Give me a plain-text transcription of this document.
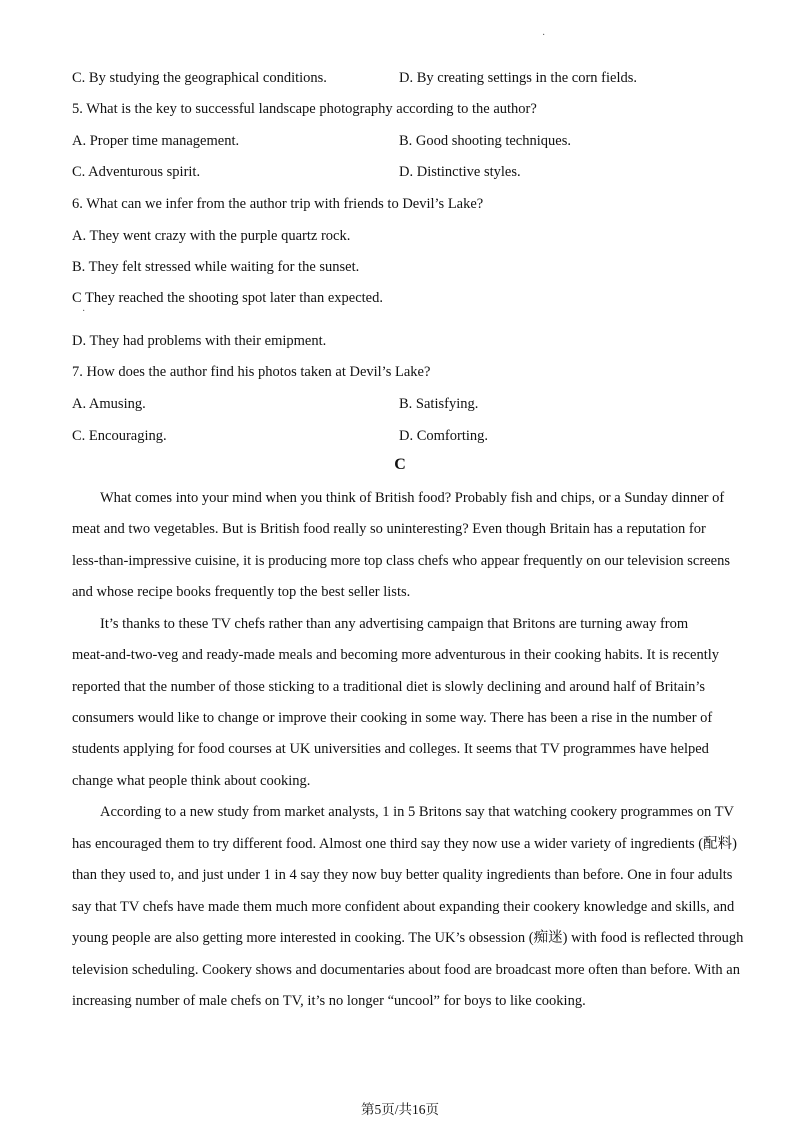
·
C. By studying the geographical conditions.	D. By creating settings in the corn fields.
5. What is the key to successful landscape photography according to the author?
A. Proper time management.	B. Good shooting techniques.
C. Adventurous spirit.	D. Distinctive styles.
6. What can we infer from the author trip with friends to Devil’s Lake?
A. They went crazy with the purple quartz rock.
B. They felt stressed while waiting for the sunset.
C They reached the shooting spot later than expected.
·
D. They had problems with their emipment.
7. How does the author find his photos taken at Devil’s Lake?
A. Amusing.	B. Satisfying.
C. Encouraging.	D. Comforting.
C
What comes into your mind when you think of British food? Probably fish and chips, or a Sunday dinner of
meat and two vegetables. But is British food really so uninteresting? Even though Britain has a reputation for
less-than-impressive cuisine, it is producing more top class chefs who appear frequently on our television screens
and whose recipe books frequently top the best seller lists.
It’s thanks to these TV chefs rather than any advertising campaign that Britons are turning away from
meat-and-two-veg and ready-made meals and becoming more adventurous in their cooking habits. It is recently
reported that the number of those sticking to a traditional diet is slowly declining and around half of Britain’s
consumers would like to change or improve their cooking in some way. There has been a rise in the number of
students applying for food courses at UK universities and colleges. It seems that TV programmes have helped
change what people think about cooking.
According to a new study from market analysts, 1 in 5 Britons say that watching cookery programmes on TV
has encouraged them to try different food. Almost one third say they now use a wider variety of ingredients (配料)
than they used to, and just under 1 in 4 say they now buy better quality ingredients than before. One in four adults
say that TV chefs have made them much more confident about expanding their cookery knowledge and skills, and
young people are also getting more interested in cooking. The UK’s obsession (痴迷) with food is reflected through
television scheduling. Cookery shows and documentaries about food are broadcast more often than before. With an
increasing number of male chefs on TV, it’s no longer “uncool” for boys to like cooking.
第5页/共16页
